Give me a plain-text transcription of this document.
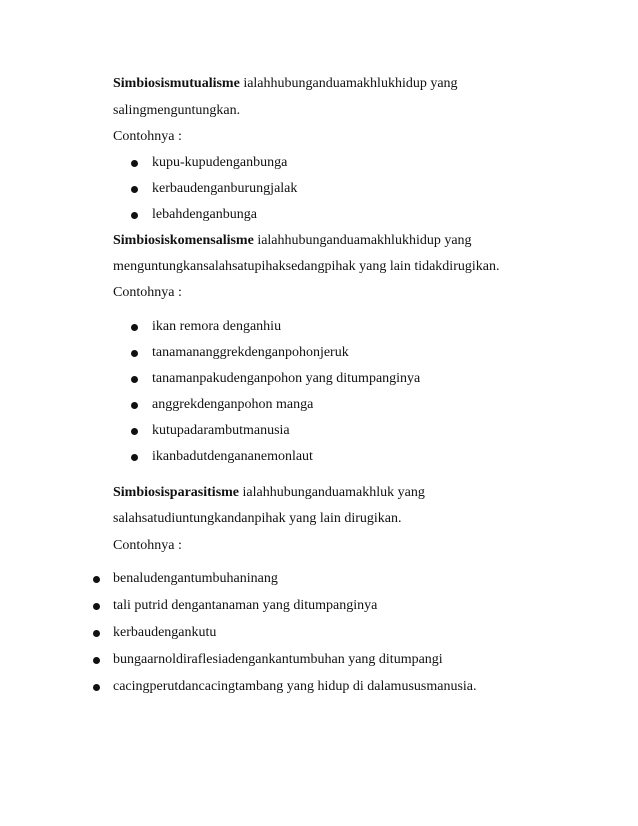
Simbiosismutualisme ialahhubunganduamakhlukhidup yang
salingmenguntungkan.
Contohnya :
kupu-kupudenganbunga
kerbaudenganburungjalak
lebahdenganbunga
Simbiosiskomensalisme ialahhubunganduamakhlukhidup yang
menguntungkansalahsatupihaksedangpihak yang lain tidakdirugikan.
Contohnya :
ikan remora denganhiu
tanamananggrekdenganpohonjeruk
tanamanpakudenganpohon yang ditumpanginya
anggrekdenganpohon manga
kutupadarambutmanusia
ikanbadutdengananemonlaut
Simbiosisparasitisme ialahhubunganduamakhluk yang
salahsatudiuntungkandanpihak yang lain dirugikan.
Contohnya :
benaludengantumbuhaninang
tali putrid dengantanaman yang ditumpanginya
kerbaudengankutu
bungaarnoldiraflesiadengankantumbuhan yang ditumpangi
cacingperutdancacingtambang yang hidup di dalamususmanusia.
